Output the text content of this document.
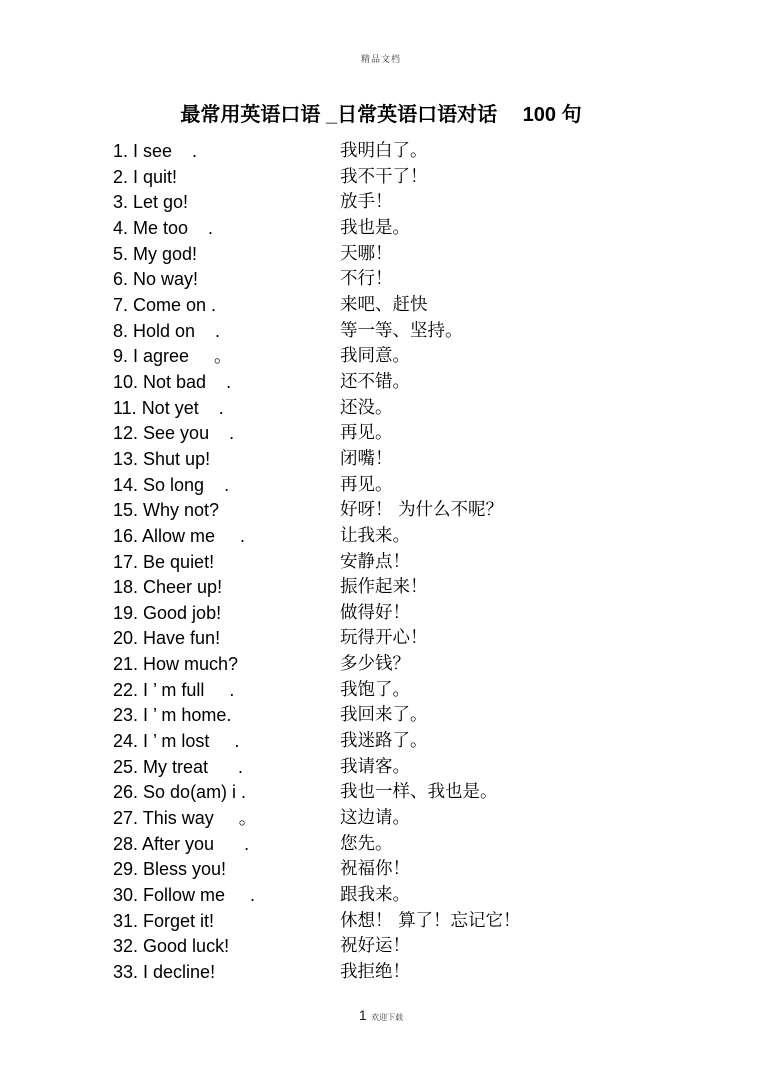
精品文档
最常用英语口语 _日常英语口语对话　 100 句
1. I see    .	我明白了。
2. I quit!	我不干了！
3. Let go!	放手！
4. Me too    .	我也是。
5. My god!	天哪！
6. No way!	不行！
7. Come on .	来吧、赶快
8. Hold on    .	等一等、坚持。
9. I agree     。	我同意。
10. Not bad    .	还不错。
11. Not yet    .	还没。
12. See you    .	再见。
13. Shut up!	闭嘴！
14. So long    .	再见。
15. Why not?	好呀！ 为什么不呢？
16. Allow me     .	让我来。
17. Be quiet!	安静点！
18. Cheer up!	振作起来！
19. Good job!	做得好！
20. Have fun!	玩得开心！
21. How much?	多少钱？
22. I ’ m full     .	我饱了。
23. I ’ m home.	我回来了。
24. I ’ m lost     .	我迷路了。
25. My treat      .	我请客。
26. So do(am) i .	我也一样、我也是。
27. This way     。	这边请。
28. After you      .	您先。
29. Bless you!	祝福你！
30. Follow me     .	跟我来。
31. Forget it!	休想！ 算了！忘记它！
32. Good luck!	祝好运！
33. I decline!	我拒绝！
1 欢迎下载
